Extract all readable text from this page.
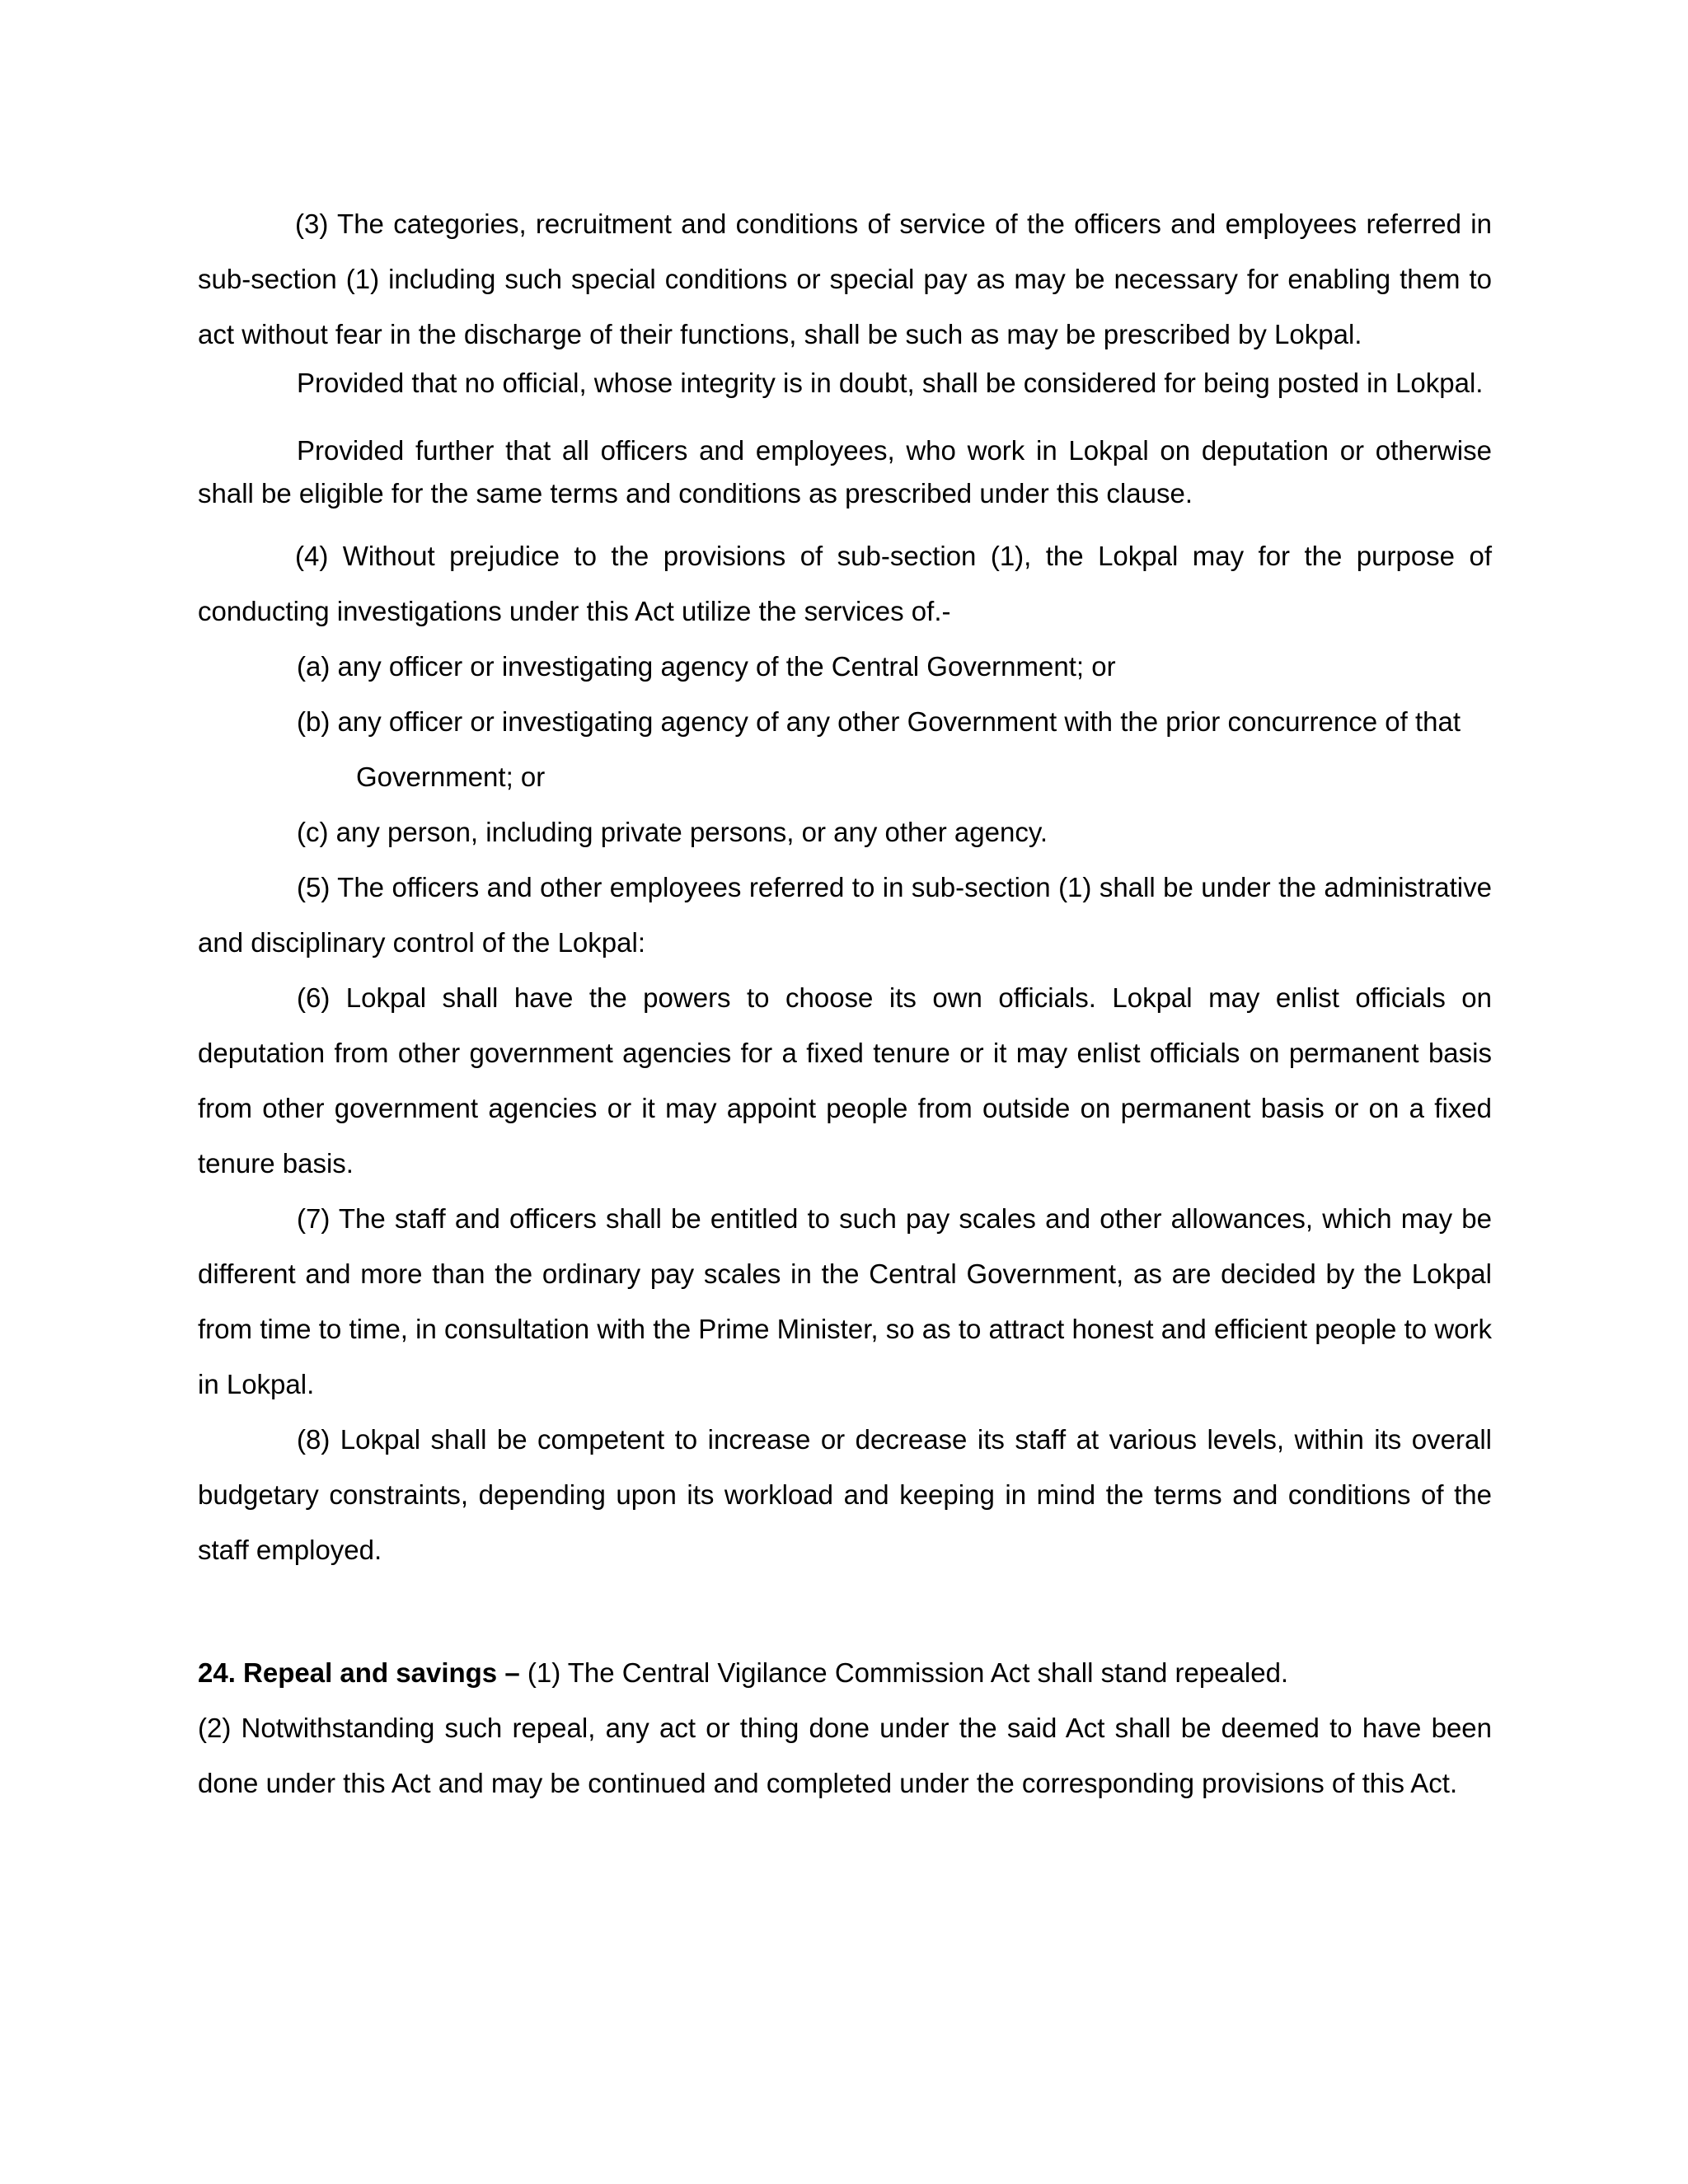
(3) The categories, recruitment and conditions of service of the officers and employees referred in sub-section (1) including such special conditions or special pay as may be necessary for enabling them to act without fear in the discharge of their functions, shall be such as may be prescribed by Lokpal.

Provided that no official, whose integrity is in doubt, shall be considered for being posted in Lokpal.

Provided further that all officers and employees, who work in Lokpal on deputation or otherwise shall be eligible for the same terms and conditions as prescribed under this clause.

(4) Without prejudice to the provisions of sub-section (1), the Lokpal may for the purpose of conducting investigations under this Act utilize the services of.-

(a) any officer or investigating agency of the Central Government; or

(b) any officer or investigating agency of any other Government with the prior concurrence of that Government; or

(c) any person, including private persons, or any other agency.

(5) The officers and other employees referred to in sub-section (1) shall be under the administrative and disciplinary control of the Lokpal:

(6) Lokpal shall have the powers to choose its own officials. Lokpal may enlist officials on deputation from other government agencies for a fixed tenure or it may enlist officials on permanent basis from other government agencies or it may appoint people from outside on permanent basis or on a fixed tenure basis.

(7) The staff and officers shall be entitled to such pay scales and other allowances, which may be different and more than the ordinary pay scales in the Central Government, as are decided by the Lokpal from time to time, in consultation with the Prime Minister, so as to attract honest and efficient people to work in Lokpal.

(8) Lokpal shall be competent to increase or decrease its staff at various levels, within its overall budgetary constraints, depending upon its workload and keeping in mind the terms and conditions of the staff employed.

24. Repeal and savings – (1) The Central Vigilance Commission Act shall stand repealed.

(2) Notwithstanding such repeal, any act or thing done under the said Act shall be deemed to have been done under this Act and may be continued and completed under the corresponding provisions of this Act.
